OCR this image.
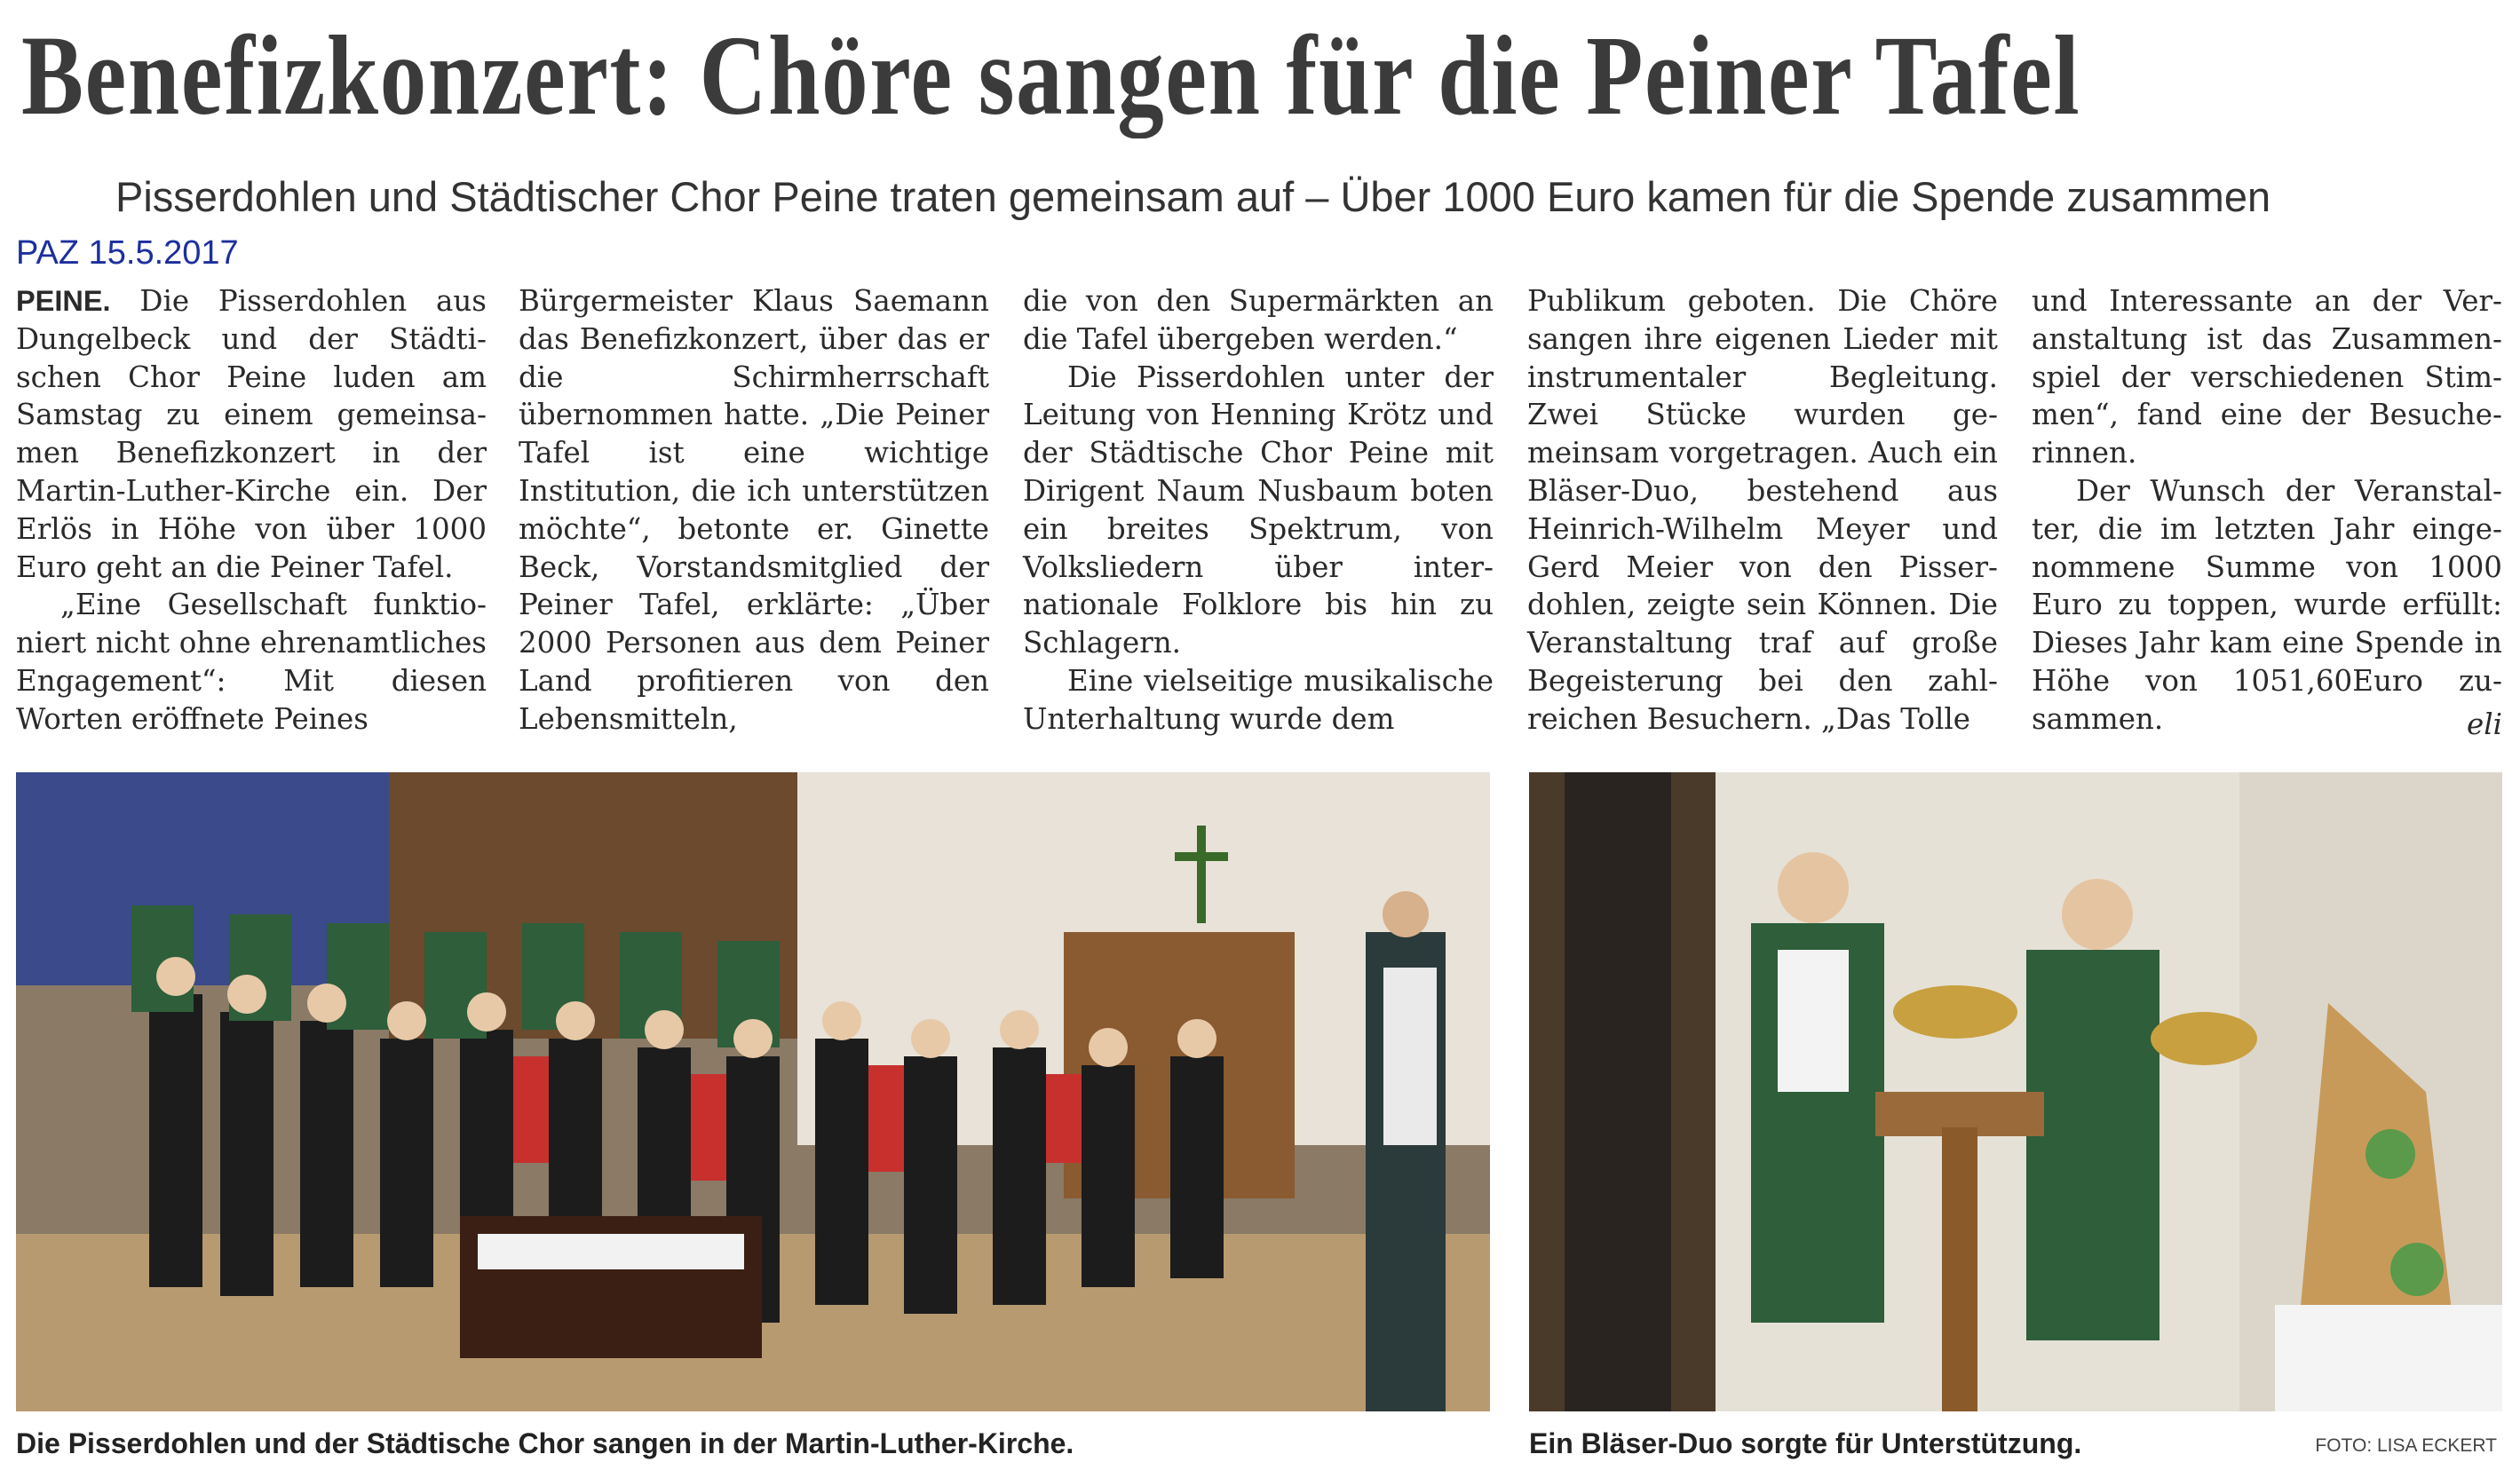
Benefizkonzert: Chöre sangen für die Peiner Tafel
Pisserdohlen und Städtischer Chor Peine traten gemeinsam auf – Über 1000 Euro kamen für die Spende zusammen
PAZ 15.5.2017

PEINE. Die Pisserdohlen aus Dungelbeck und der Städtischen Chor Peine luden am Samstag zu einem gemeinsamen Benefizkonzert in der Martin-Luther-Kirche ein. Der Erlös in Höhe von über 1000 Euro geht an die Peiner Tafel.

„Eine Gesellschaft funktioniert nicht ohne ehrenamtliches Engagement“: Mit diesen Worten eröffnete Peines

Bürgermeister Klaus Saemann das Benefizkonzert, über das er die Schirmherrschaft übernommen hatte. „Die Peiner Tafel ist eine wichtige Institution, die ich unterstützen möchte“, betonte er. Ginette Beck, Vorstandsmitglied der Peiner Tafel, erklärte: „Über 2000 Personen aus dem Peiner Land profitieren von den Lebensmitteln,

die von den Supermärkten an die Tafel übergeben werden.“

Die Pisserdohlen unter der Leitung von Henning Krötz und der Städtische Chor Peine mit Dirigent Naum Nusbaum boten ein breites Spektrum, von Volksliedern über internationale Folklore bis hin zu Schlagern.

Eine vielseitige musikalische Unterhaltung wurde dem

Publikum geboten. Die Chöre sangen ihre eigenen Lieder mit instrumentaler Begleitung. Zwei Stücke wurden gemeinsam vorgetragen. Auch ein Bläser-Duo, bestehend aus Heinrich-Wilhelm Meyer und Gerd Meier von den Pisserdohlen, zeigte sein Können. Die Veranstaltung traf auf große Begeisterung bei den zahlreichen Besuchern. „Das Tolle

und Interessante an der Veranstaltung ist das Zusammenspiel der verschiedenen Stimmen“, fand eine der Besucherinnen.

Der Wunsch der Veranstalter, die im letzten Jahr eingenommene Summe von 1000 Euro zu toppen, wurde erfüllt: Dieses Jahr kam eine Spende in Höhe von 1051,60Euro zusammen.	eli
Die Pisserdohlen und der Städtische Chor sangen in der Martin-Luther-Kirche.	Ein Bläser-Duo sorgte für Unterstützung.	FOTO: LISA ECKERT
